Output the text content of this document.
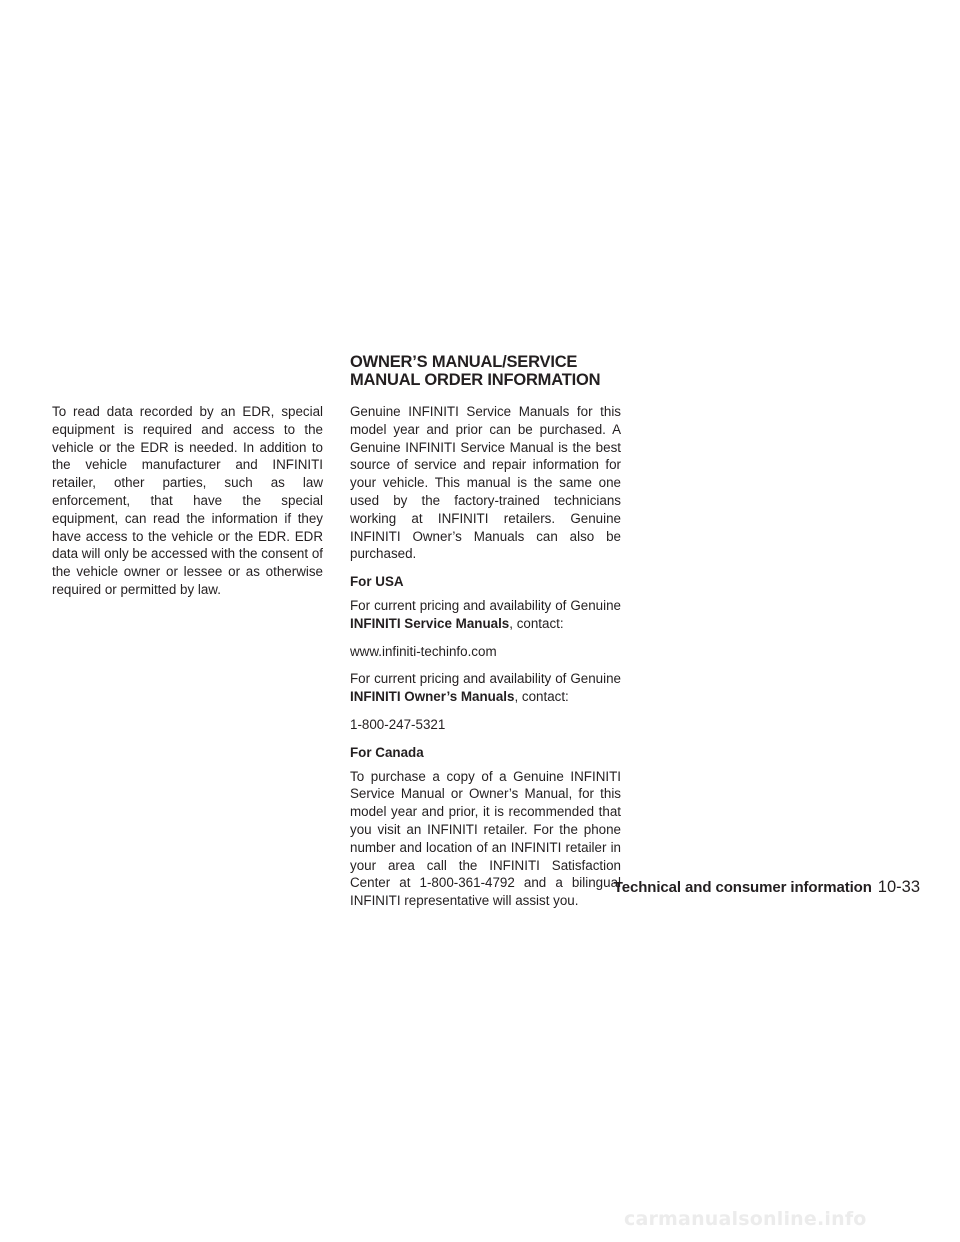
To read data recorded by an EDR, special equipment is required and access to the vehicle or the EDR is needed. In addition to the vehicle manufacturer and INFINITI retailer, other parties, such as law enforcement, that have the special equipment, can read the information if they have access to the vehicle or the EDR. EDR data will only be accessed with the consent of the vehicle owner or lessee or as otherwise required or permitted by law.

OWNER’S MANUAL/SERVICE
MANUAL ORDER INFORMATION

Genuine INFINITI Service Manuals for this model year and prior can be purchased. A Genuine INFINITI Service Manual is the best source of service and repair information for your vehicle. This manual is the same one used by the factory-trained technicians working at INFINITI retailers. Genuine INFINITI Owner’s Manuals can also be purchased.

For USA

For current pricing and availability of Genuine INFINITI Service Manuals, contact:

www.infiniti-techinfo.com

For current pricing and availability of Genuine INFINITI Owner’s Manuals, contact:

1-800-247-5321

For Canada

To purchase a copy of a Genuine INFINITI Service Manual or Owner’s Manual, for this model year and prior, it is recommended that you visit an INFINITI retailer. For the phone number and location of an INFINITI retailer in your area call the INFINITI Satisfaction Center at 1-800-361-4792 and a bilingual INFINITI representative will assist you.

Technical and consumer information 10-33
carmanualsonline.info
